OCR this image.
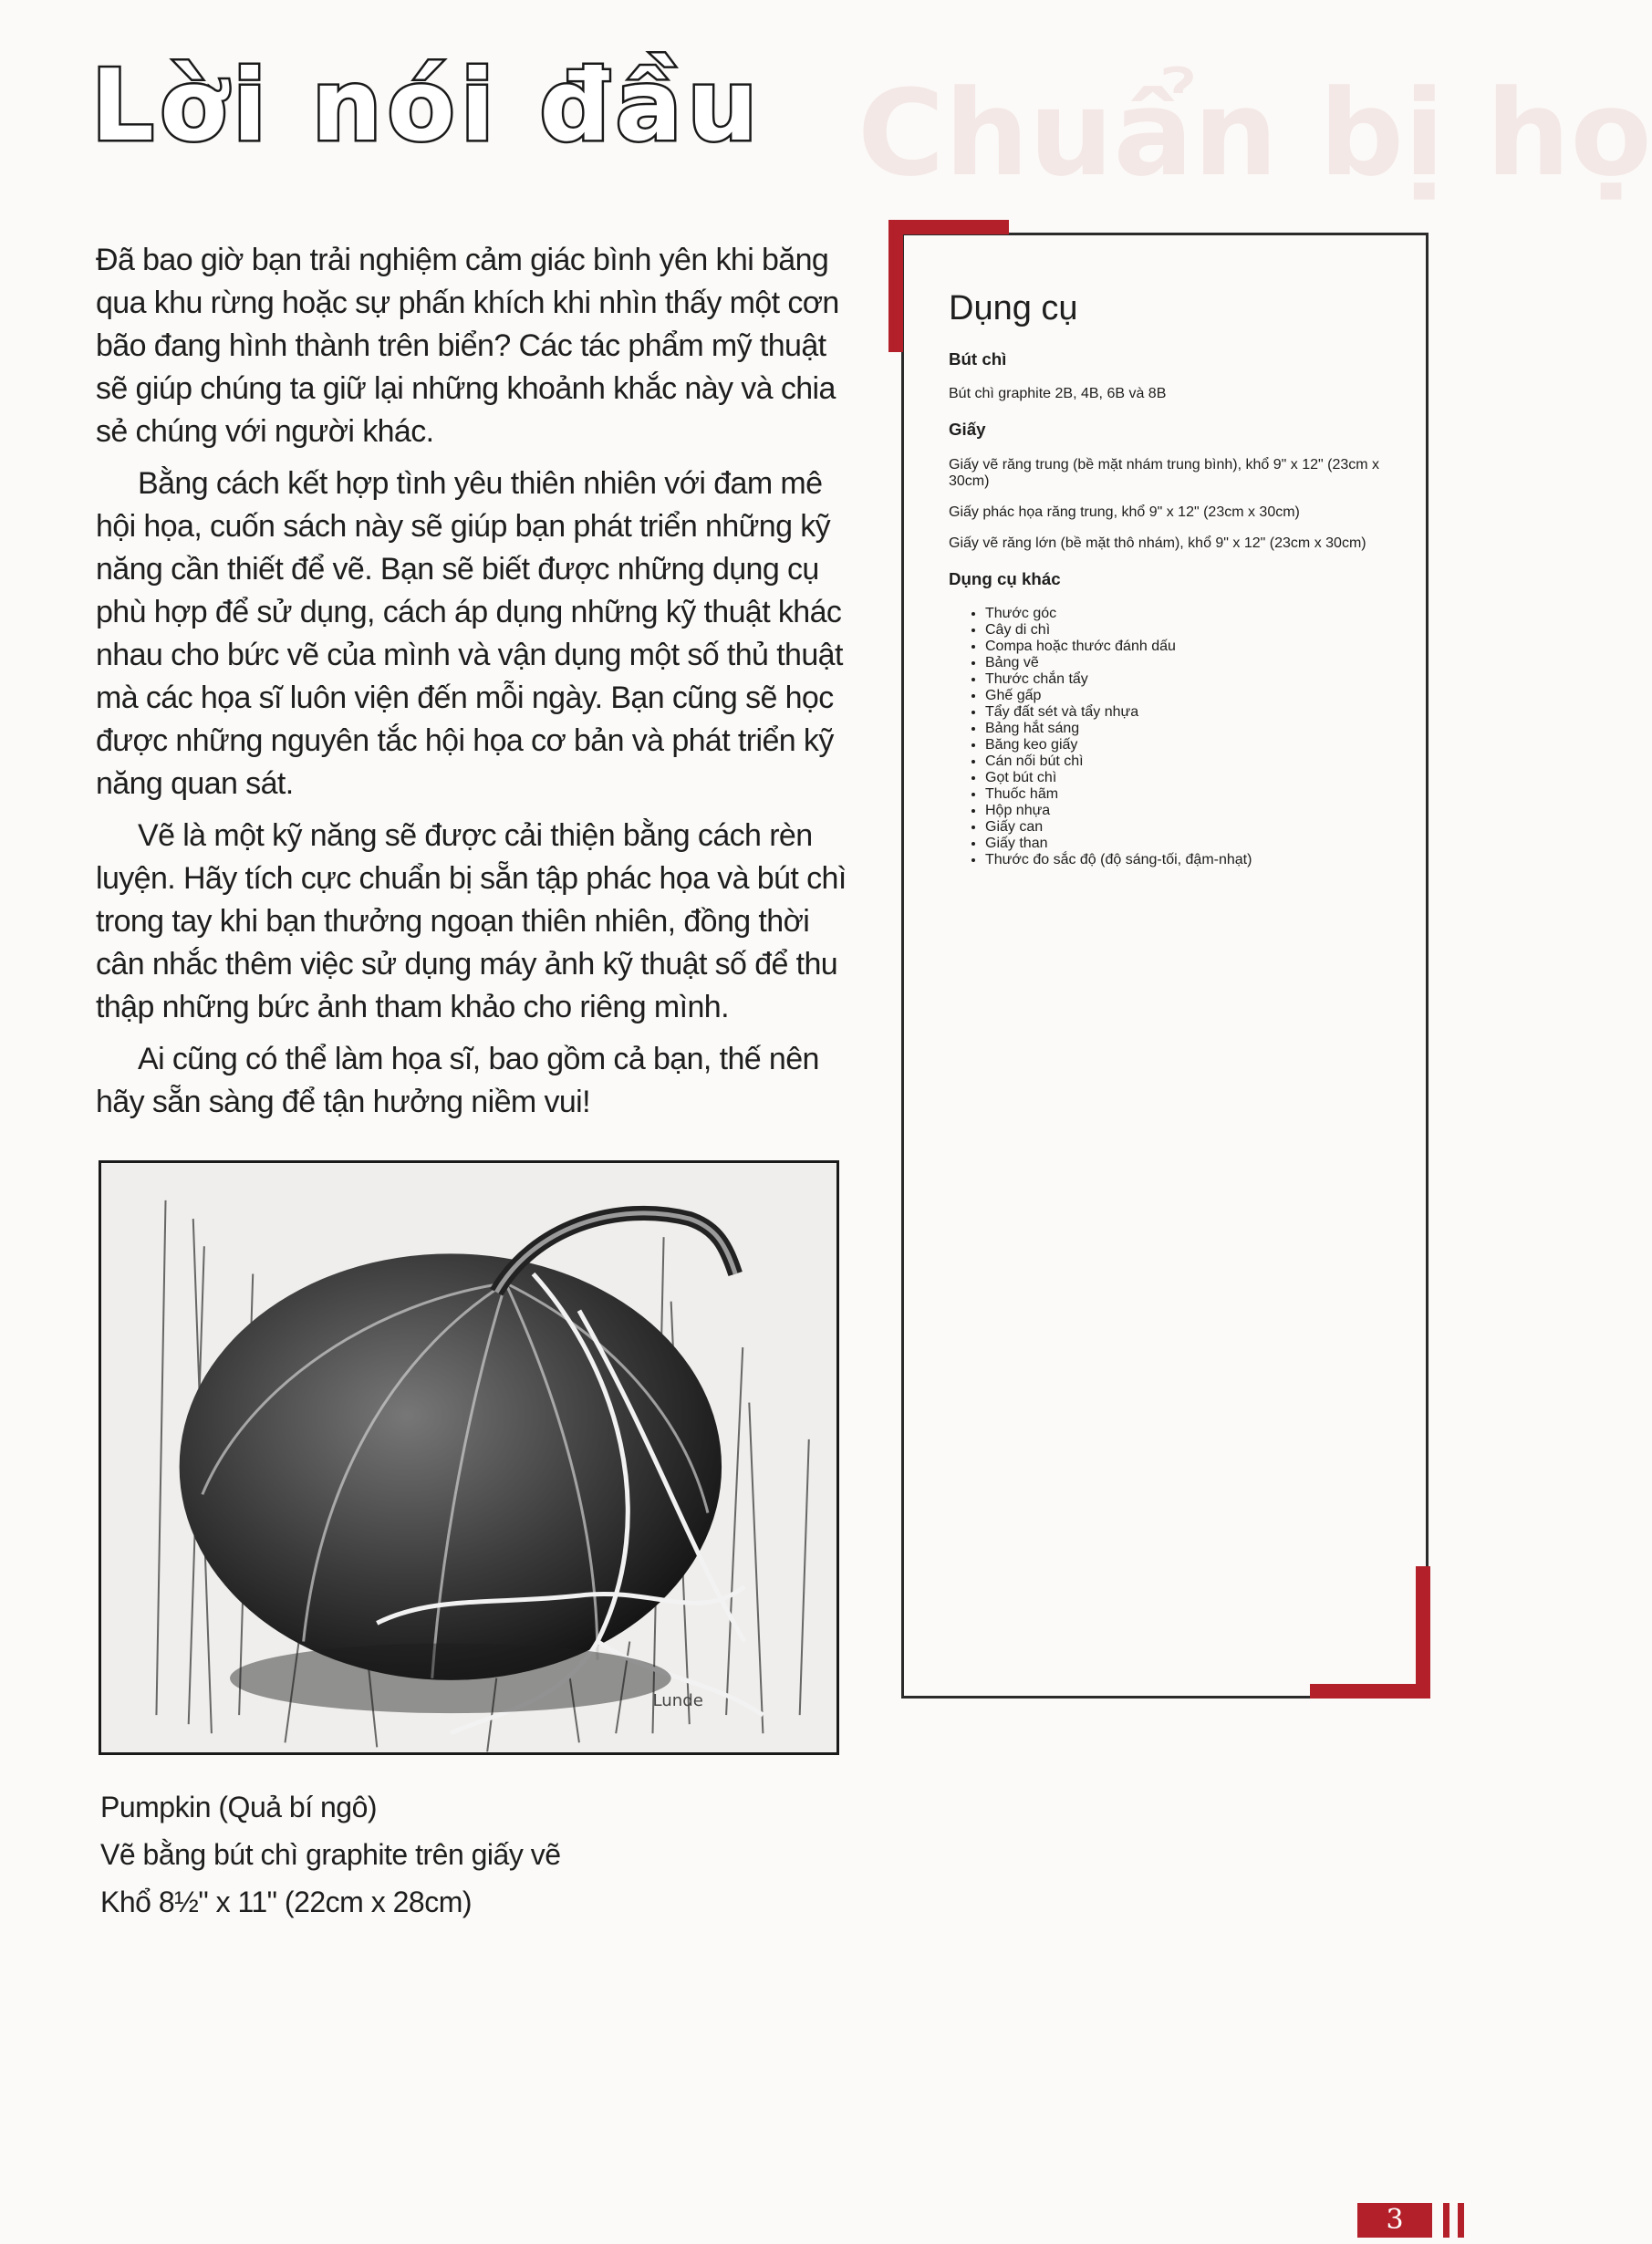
Chuẩn bị họ
Lời nói đầu

Đã bao giờ bạn trải nghiệm cảm giác bình yên khi băng qua khu rừng hoặc sự phấn khích khi nhìn thấy một cơn bão đang hình thành trên biển? Các tác phẩm mỹ thuật sẽ giúp chúng ta giữ lại những khoảnh khắc này và chia sẻ chúng với người khác.

Bằng cách kết hợp tình yêu thiên nhiên với đam mê hội họa, cuốn sách này sẽ giúp bạn phát triển những kỹ năng cần thiết để vẽ. Bạn sẽ biết được những dụng cụ phù hợp để sử dụng, cách áp dụng những kỹ thuật khác nhau cho bức vẽ của mình và vận dụng một số thủ thuật mà các họa sĩ luôn viện đến mỗi ngày. Bạn cũng sẽ học được những nguyên tắc hội họa cơ bản và phát triển kỹ năng quan sát.

Vẽ là một kỹ năng sẽ được cải thiện bằng cách rèn luyện. Hãy tích cực chuẩn bị sẵn tập phác họa và bút chì trong tay khi bạn thưởng ngoạn thiên nhiên, đồng thời cân nhắc thêm việc sử dụng máy ảnh kỹ thuật số để thu thập những bức ảnh tham khảo cho riêng mình.

Ai cũng có thể làm họa sĩ, bao gồm cả bạn, thế nên hãy sẵn sàng để tận hưởng niềm vui!

Lunde
Pumpkin (Quả bí ngô)
Vẽ bằng bút chì graphite trên giấy vẽ
Khổ 8½" x 11" (22cm x 28cm)
Dụng cụ
Bút chì

Bút chì graphite 2B, 4B, 6B và 8B

Giấy

Giấy vẽ răng trung (bề mặt nhám trung bình), khổ 9" x 12" (23cm x 30cm)

Giấy phác họa răng trung, khổ 9" x 12" (23cm x 30cm)

Giấy vẽ răng lớn (bề mặt thô nhám), khổ 9" x 12" (23cm x 30cm)

Dụng cụ khác
• Thước góc
• Cây di chì
• Compa hoặc thước đánh dấu
• Bảng vẽ
• Thước chắn tẩy
• Ghế gấp
• Tẩy đất sét và tẩy nhựa
• Bảng hắt sáng
• Băng keo giấy
• Cán nối bút chì
• Gọt bút chì
• Thuốc hãm
• Hộp nhựa
• Giấy can
• Giấy than
• Thước đo sắc độ (độ sáng-tối, đậm-nhạt)
3
